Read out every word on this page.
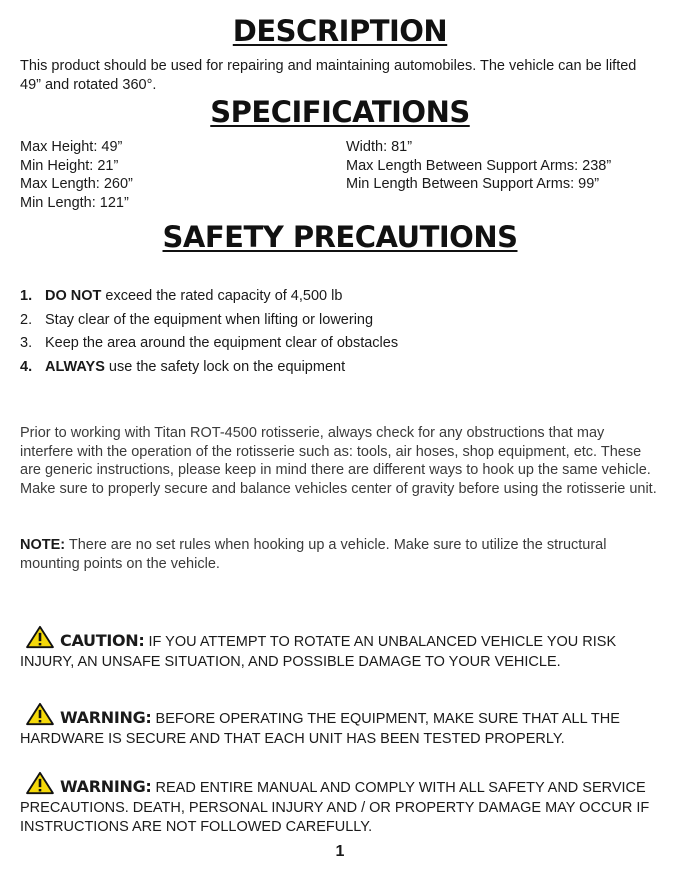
DESCRIPTION
This product should be used for repairing and maintaining automobiles. The vehicle can be lifted 49” and rotated 360°.
SPECIFICATIONS
Max Height: 49”
Min Height: 21”
Max Length: 260”
Min Length: 121”
Width: 81”
Max Length Between Support Arms: 238”
Min Length Between Support Arms: 99”
SAFETY PRECAUTIONS
1. DO NOT exceed the rated capacity of 4,500 lb
2. Stay clear of the equipment when lifting or lowering
3. Keep the area around the equipment clear of obstacles
4. ALWAYS use the safety lock on the equipment
Prior to working with Titan ROT-4500 rotisserie, always check for any obstructions that may interfere with the operation of the rotisserie such as: tools, air hoses, shop equipment, etc. These are generic instructions, please keep in mind there are different ways to hook up the same vehicle. Make sure to properly secure and balance vehicles center of gravity before using the rotisserie unit.
NOTE: There are no set rules when hooking up a vehicle. Make sure to utilize the structural mounting points on the vehicle.
CAUTION: IF YOU ATTEMPT TO ROTATE AN UNBALANCED VEHICLE YOU RISK INJURY, AN UNSAFE SITUATION, AND POSSIBLE DAMAGE TO YOUR VEHICLE.
WARNING: BEFORE OPERATING THE EQUIPMENT, MAKE SURE THAT ALL THE HARDWARE IS SECURE AND THAT EACH UNIT HAS BEEN TESTED PROPERLY.
WARNING: READ ENTIRE MANUAL AND COMPLY WITH ALL SAFETY AND SERVICE PRECAUTIONS. DEATH, PERSONAL INJURY AND / OR PROPERTY DAMAGE MAY OCCUR IF INSTRUCTIONS ARE NOT FOLLOWED CAREFULLY.
1
